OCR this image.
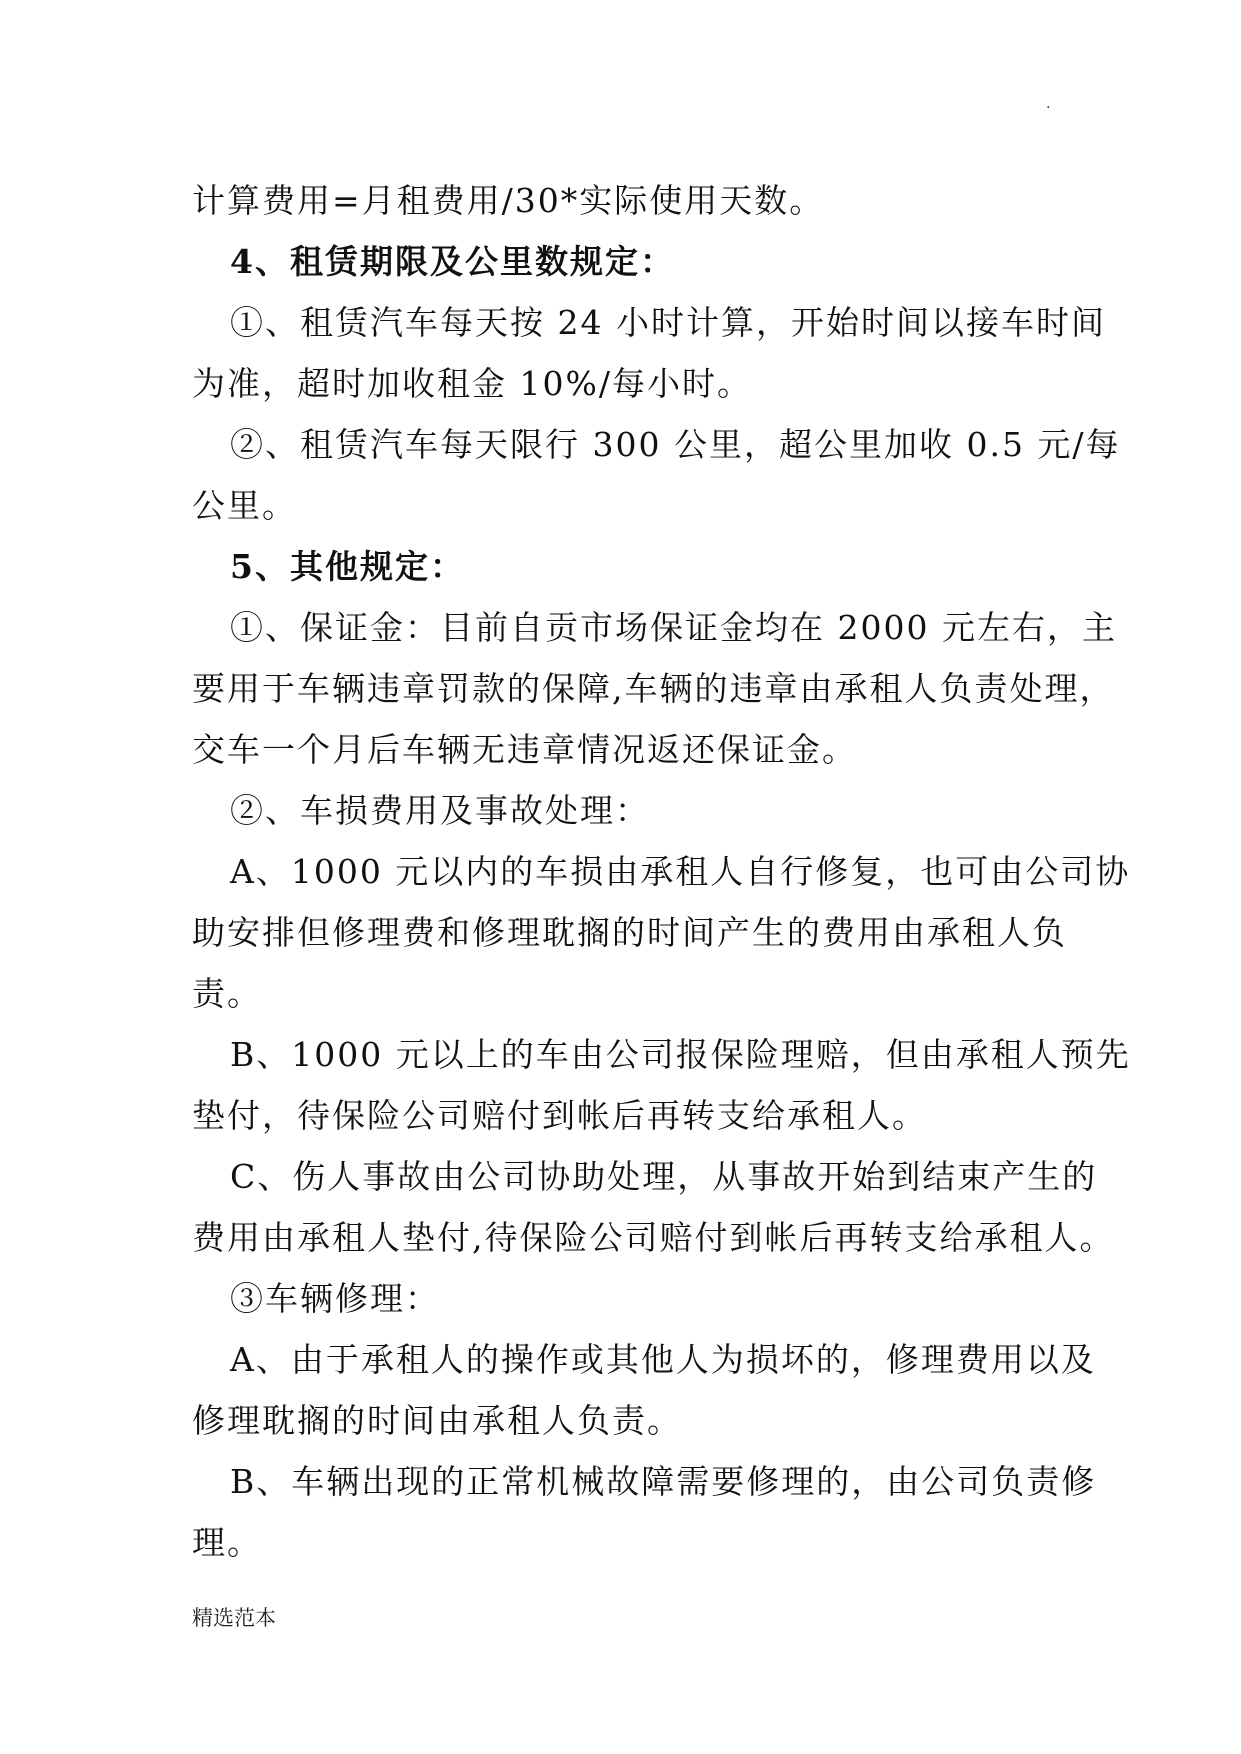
.
计算费用=月租费用/30*实际使用天数。
4、租赁期限及公里数规定：
①、租赁汽车每天按 24 小时计算，开始时间以接车时间
为准，超时加收租金 10%/每小时。
②、租赁汽车每天限行 300 公里，超公里加收 0.5 元/每
公里。
5、其他规定：
①、保证金：目前自贡市场保证金均在 2000 元左右，主
要用于车辆违章罚款的保障,车辆的违章由承租人负责处理，
交车一个月后车辆无违章情况返还保证金。
②、车损费用及事故处理：
A、1000 元以内的车损由承租人自行修复，也可由公司协
助安排但修理费和修理耽搁的时间产生的费用由承租人负
责。
B、1000 元以上的车由公司报保险理赔，但由承租人预先
垫付，待保险公司赔付到帐后再转支给承租人。
C、伤人事故由公司协助处理，从事故开始到结束产生的
费用由承租人垫付,待保险公司赔付到帐后再转支给承租人。
③车辆修理：
A、由于承租人的操作或其他人为损坏的，修理费用以及
修理耽搁的时间由承租人负责。
B、车辆出现的正常机械故障需要修理的，由公司负责修
理。
精选范本
